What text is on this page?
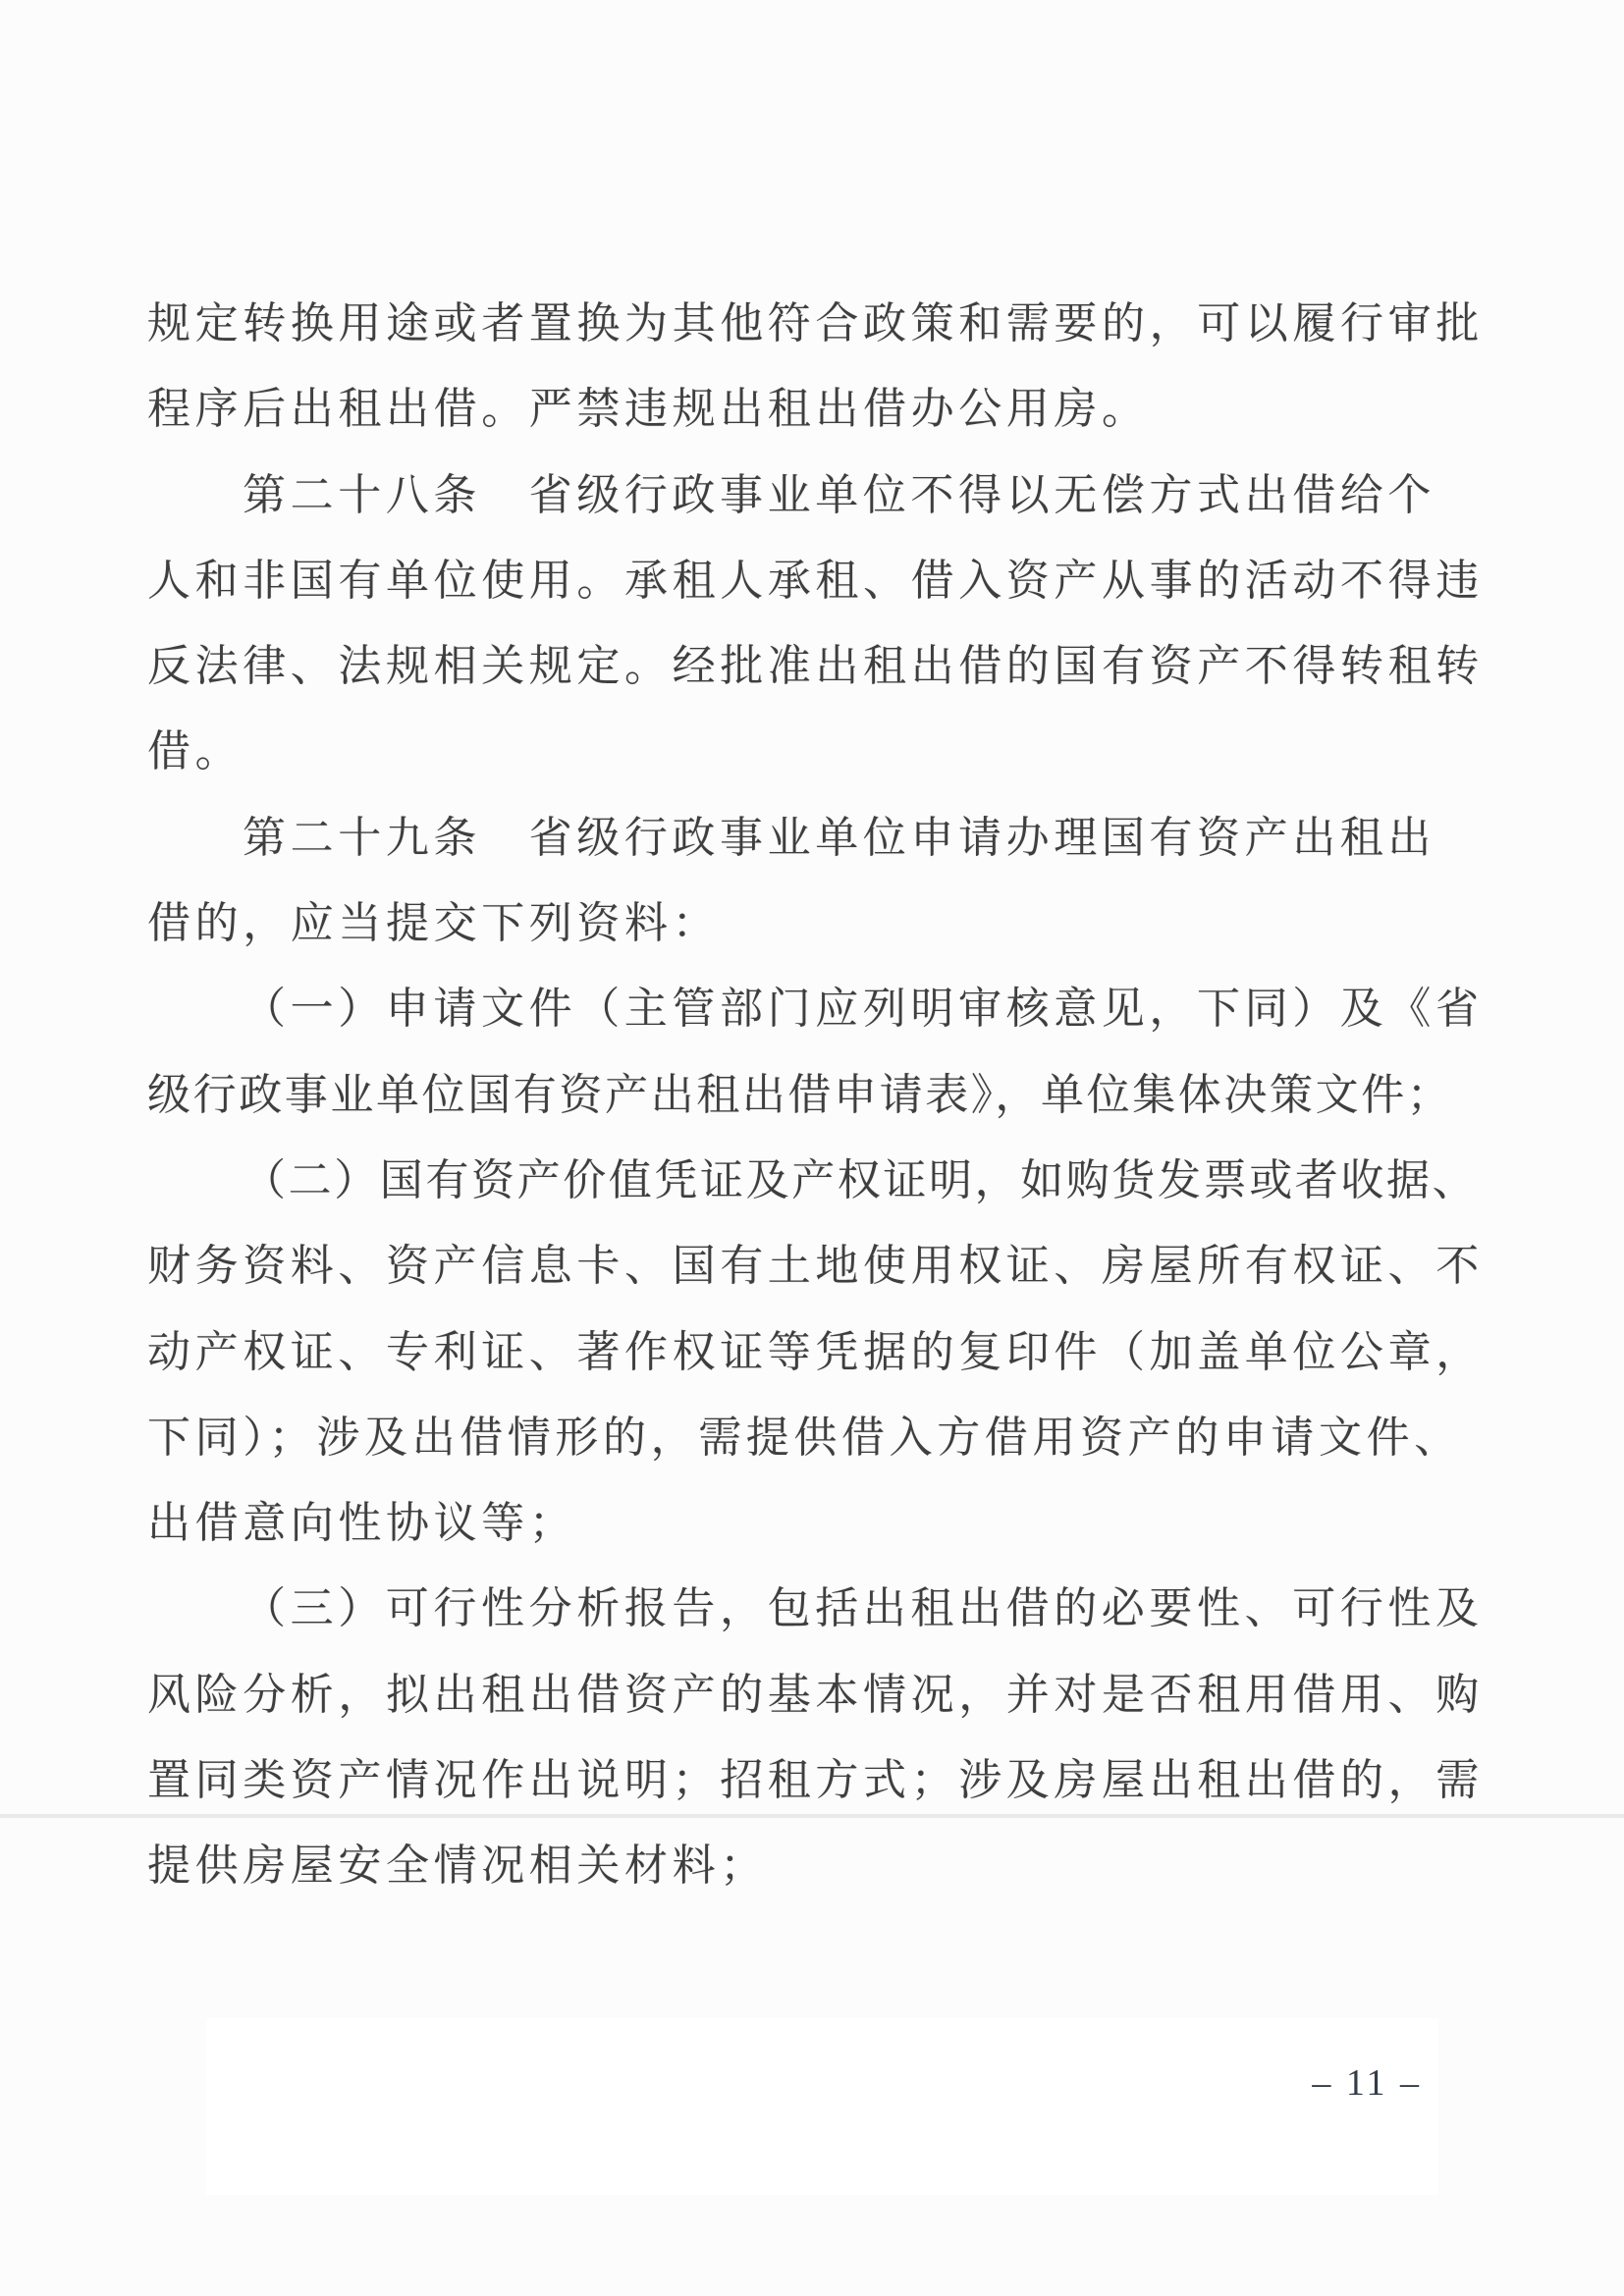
规定转换用途或者置换为其他符合政策和需要的，可以履行审批
程序后出租出借。严禁违规出租出借办公用房。
第二十八条　省级行政事业单位不得以无偿方式出借给个
人和非国有单位使用。承租人承租、借入资产从事的活动不得违
反法律、法规相关规定。经批准出租出借的国有资产不得转租转
借。
第二十九条　省级行政事业单位申请办理国有资产出租出
借的，应当提交下列资料：
（一）申请文件（主管部门应列明审核意见，下同）及《省
级行政事业单位国有资产出租出借申请表》，单位集体决策文件；
（二）国有资产价值凭证及产权证明，如购货发票或者收据、
财务资料、资产信息卡、国有土地使用权证、房屋所有权证、不
动产权证、专利证、著作权证等凭据的复印件（加盖单位公章，
下同）；涉及出借情形的，需提供借入方借用资产的申请文件、
出借意向性协议等；
（三）可行性分析报告，包括出租出借的必要性、可行性及
风险分析，拟出租出借资产的基本情况，并对是否租用借用、购
置同类资产情况作出说明；招租方式；涉及房屋出租出借的，需
提供房屋安全情况相关材料；
– 11 –
